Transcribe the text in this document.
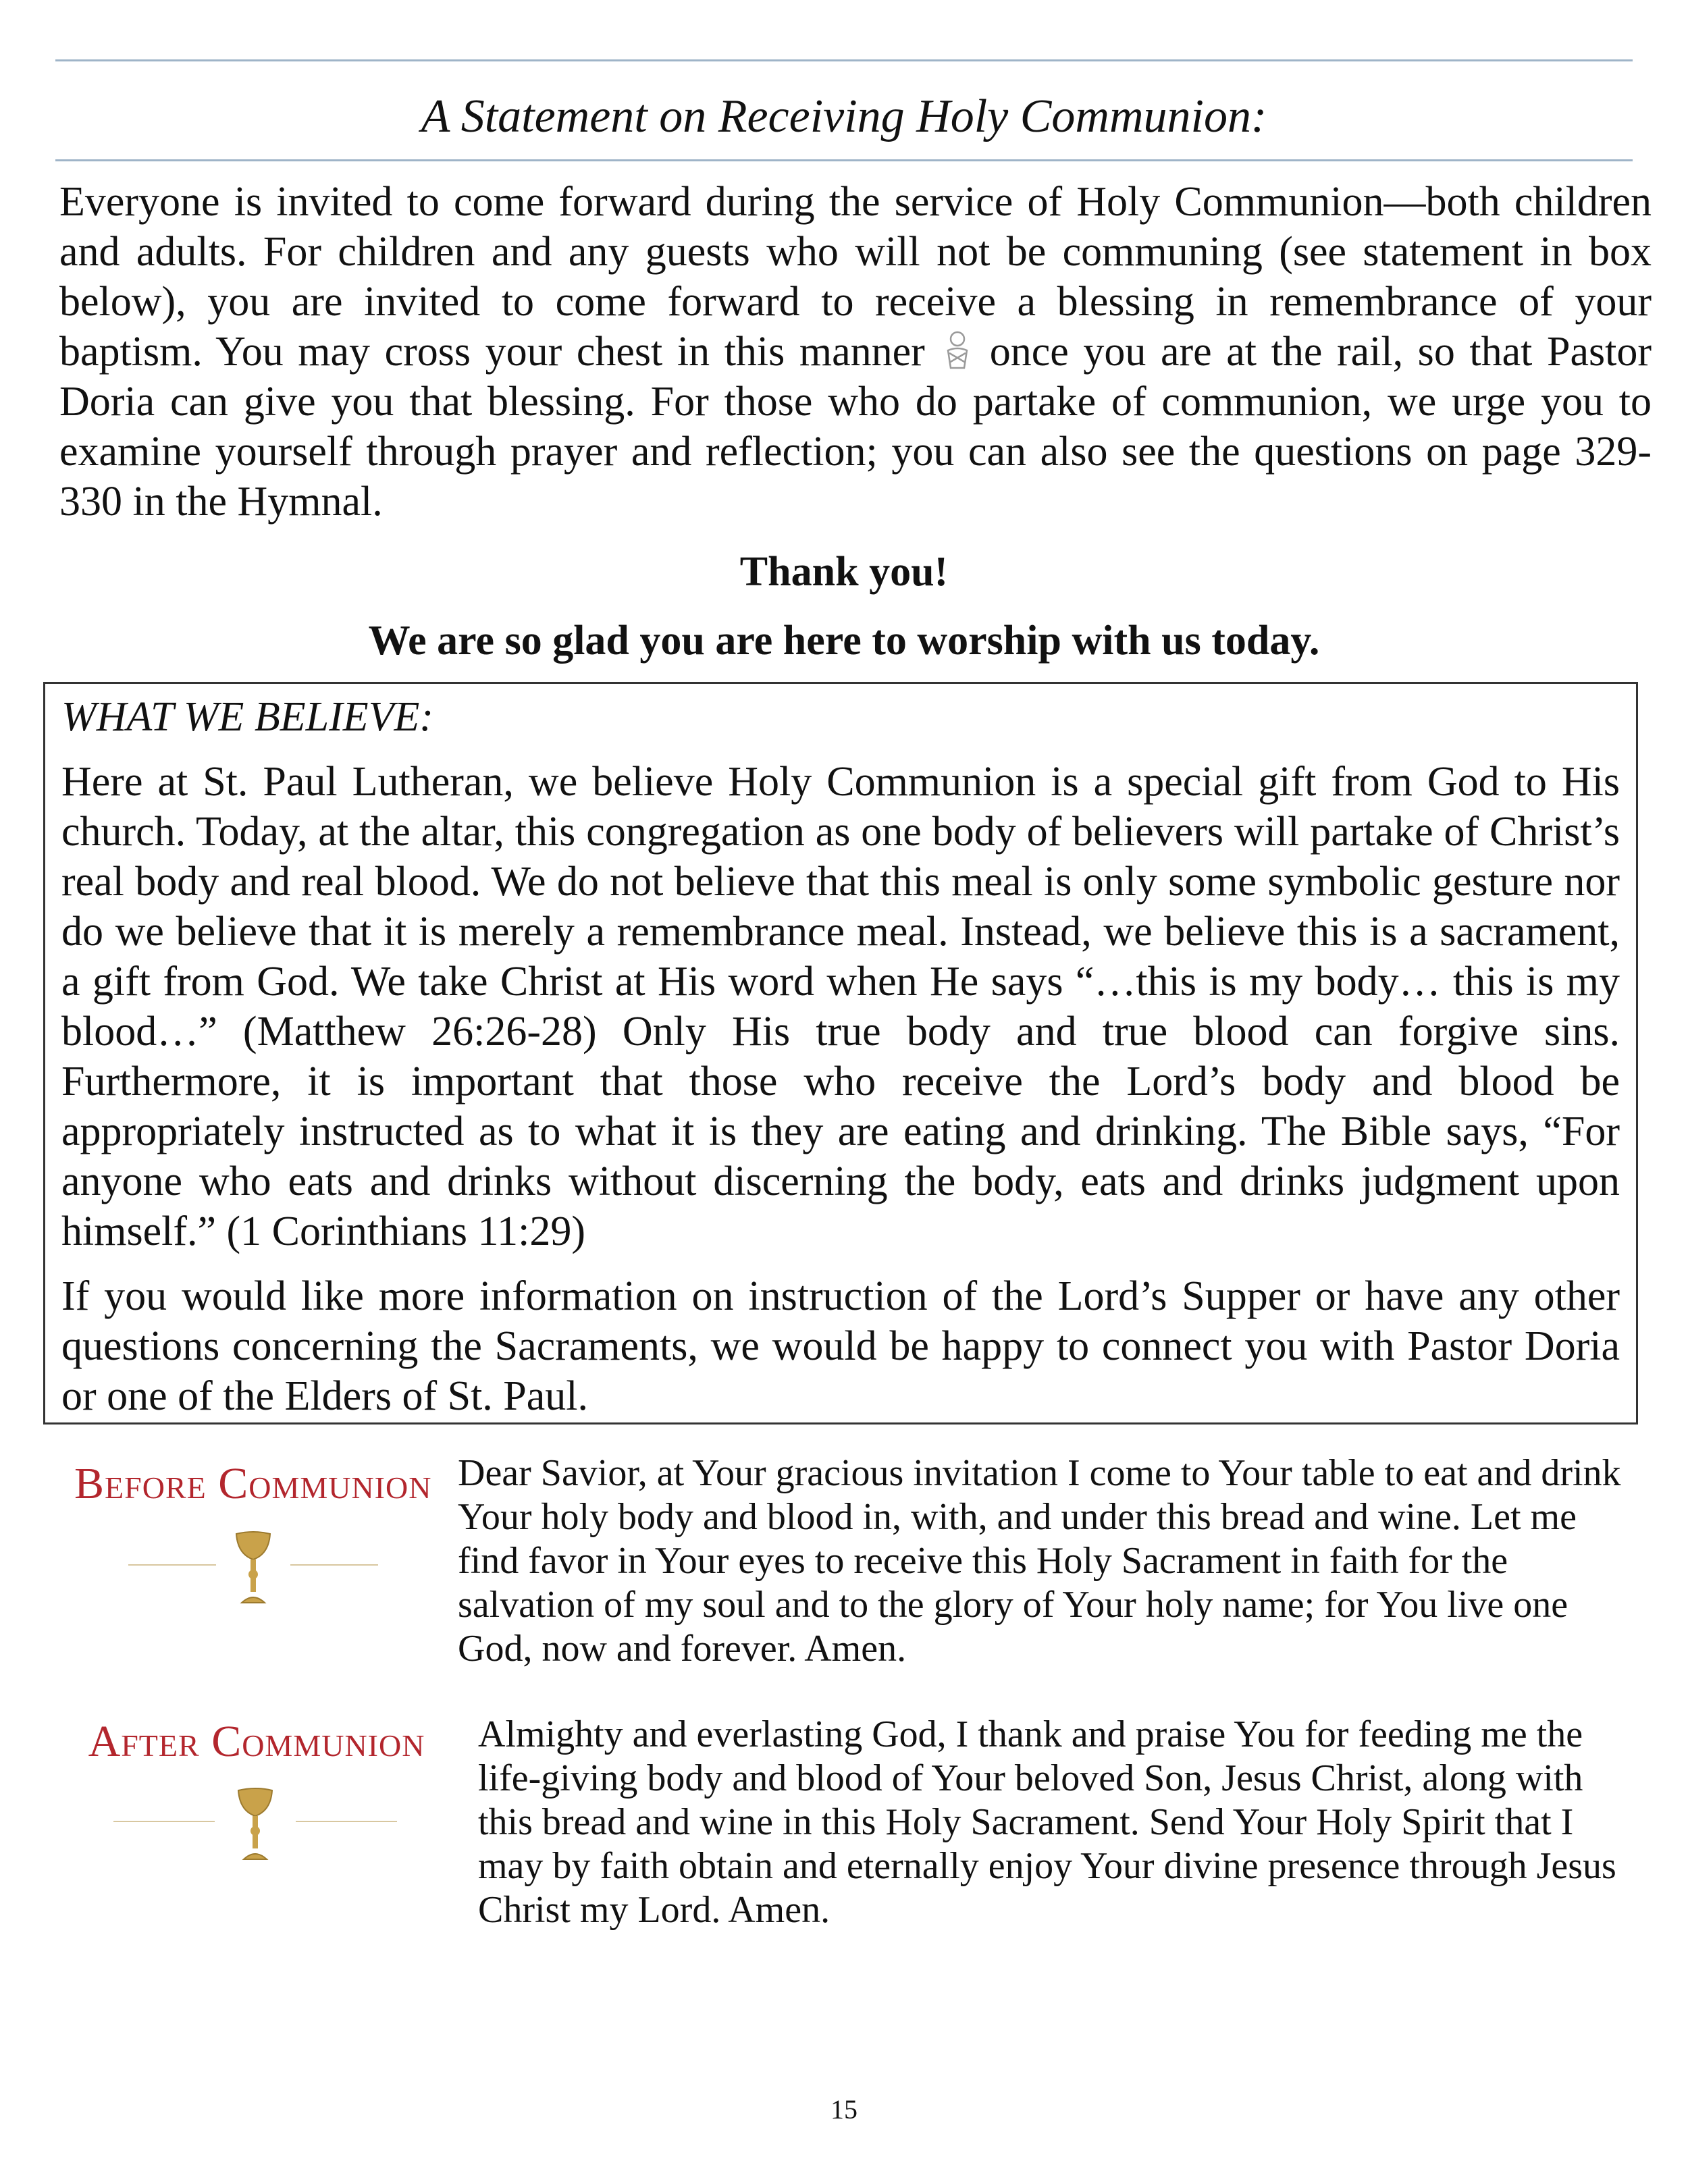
A Statement on Receiving Holy Communion:

Everyone is invited to come forward during the service of Holy Communion—both children and adults. For children and any guests who will not be communing (see statement in box below), you are invited to come forward to receive a blessing in remembrance of your baptism. You may cross your chest in this manner once you are at the rail, so that Pastor Doria can give you that blessing. For those who do partake of communion, we urge you to examine yourself through prayer and reflection; you can also see the questions on page 329-330 in the Hymnal.

Thank you!

We are so glad you are here to worship with us today.

WHAT WE BELIEVE:

Here at St. Paul Lutheran, we believe Holy Communion is a special gift from God to His church. Today, at the altar, this congregation as one body of believers will partake of Christ’s real body and real blood. We do not believe that this meal is only some symbolic gesture nor do we believe that it is merely a remembrance meal. Instead, we believe this is a sacrament, a gift from God. We take Christ at His word when He says “…this is my body… this is my blood…” (Matthew 26:26-28) Only His true body and true blood can forgive sins. Furthermore, it is important that those who receive the Lord’s body and blood be appropriately instructed as to what it is they are eating and drinking. The Bible says, “For anyone who eats and drinks without discerning the body, eats and drinks judgment upon himself.” (1 Corinthians 11:29)

If you would like more information on instruction of the Lord’s Supper or have any other questions concerning the Sacraments, we would be happy to connect you with Pastor Doria or one of the Elders of St. Paul.

Before Communion Dear Savior, at Your gracious invitation I come to Your table to eat and drink Your holy body and blood in, with, and under this bread and wine. Let me find favor in Your eyes to receive this Holy Sacrament in faith for the salvation of my soul and to the glory of Your holy name; for You live one God, now and forever. Amen.

After Communion	Almighty and everlasting God, I thank and praise You for feeding me the life-giving body and blood of Your beloved Son, Jesus Christ, along with this bread and wine in this Holy Sacrament. Send Your Holy Spirit that I may by faith obtain and eternally enjoy Your divine presence through Jesus Christ my Lord. Amen.

15
